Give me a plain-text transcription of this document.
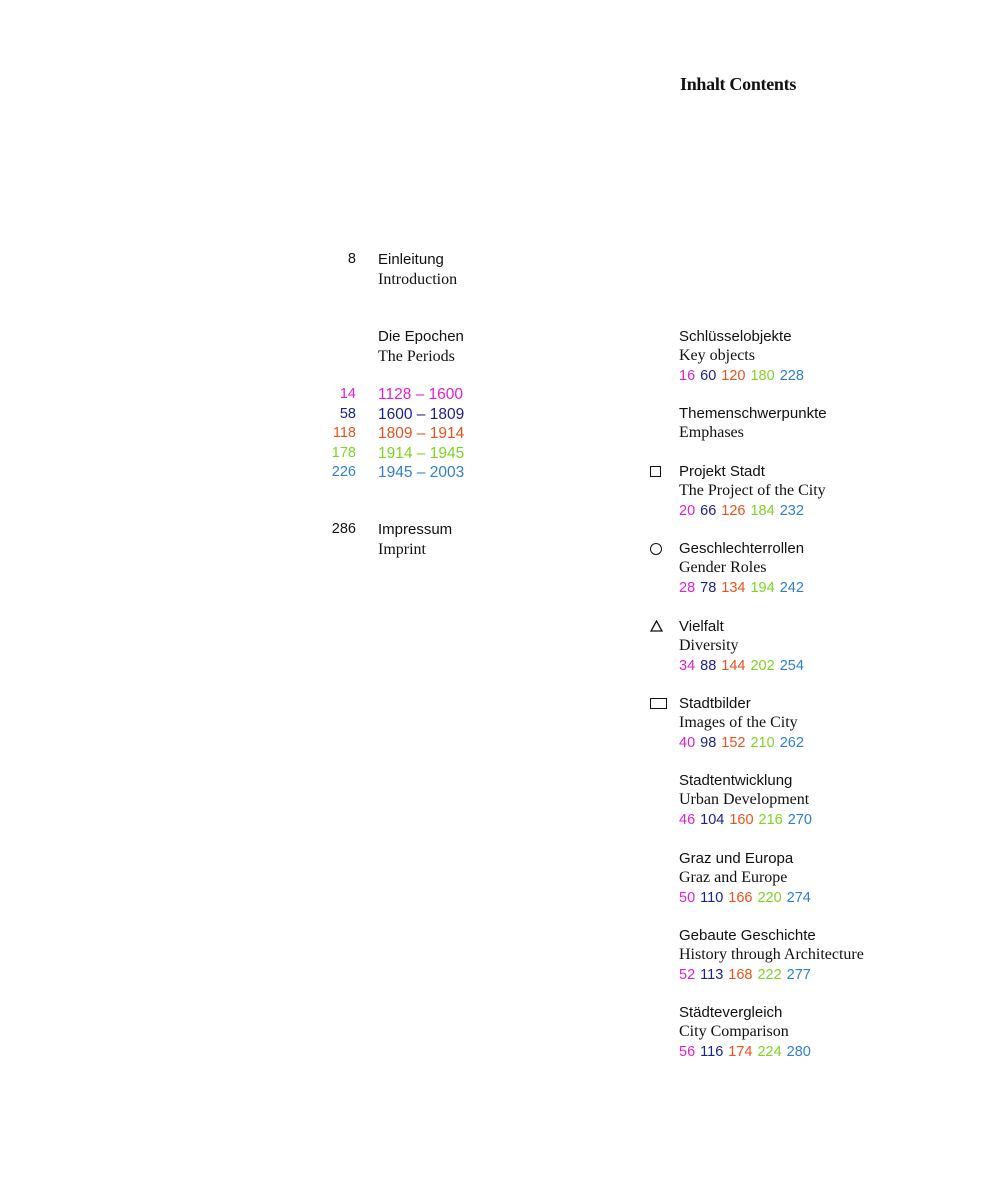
Inhalt Contents
8 Einleitung
Introduction
Die Epochen
The Periods
14 1128 – 1600
58 1600 – 1809
118 1809 – 1914
178 1914 – 1945
226 1945 – 2003
286 Impressum
Imprint
Schlüsselobjekte
Key objects
16 60 120 180 228
Themenschwerpunkte
Emphases
Projekt Stadt
The Project of the City
20 66 126 184 232
Geschlechterrollen
Gender Roles
28 78 134 194 242
Vielfalt
Diversity
34 88 144 202 254
Stadtbilder
Images of the City
40 98 152 210 262
Stadtentwicklung
Urban Development
46 104 160 216 270
Graz und Europa
Graz and Europe
50 110 166 220 274
Gebaute Geschichte
History through Architecture
52 113 168 222 277
Städtevergleich
City Comparison
56 116 174 224 280
